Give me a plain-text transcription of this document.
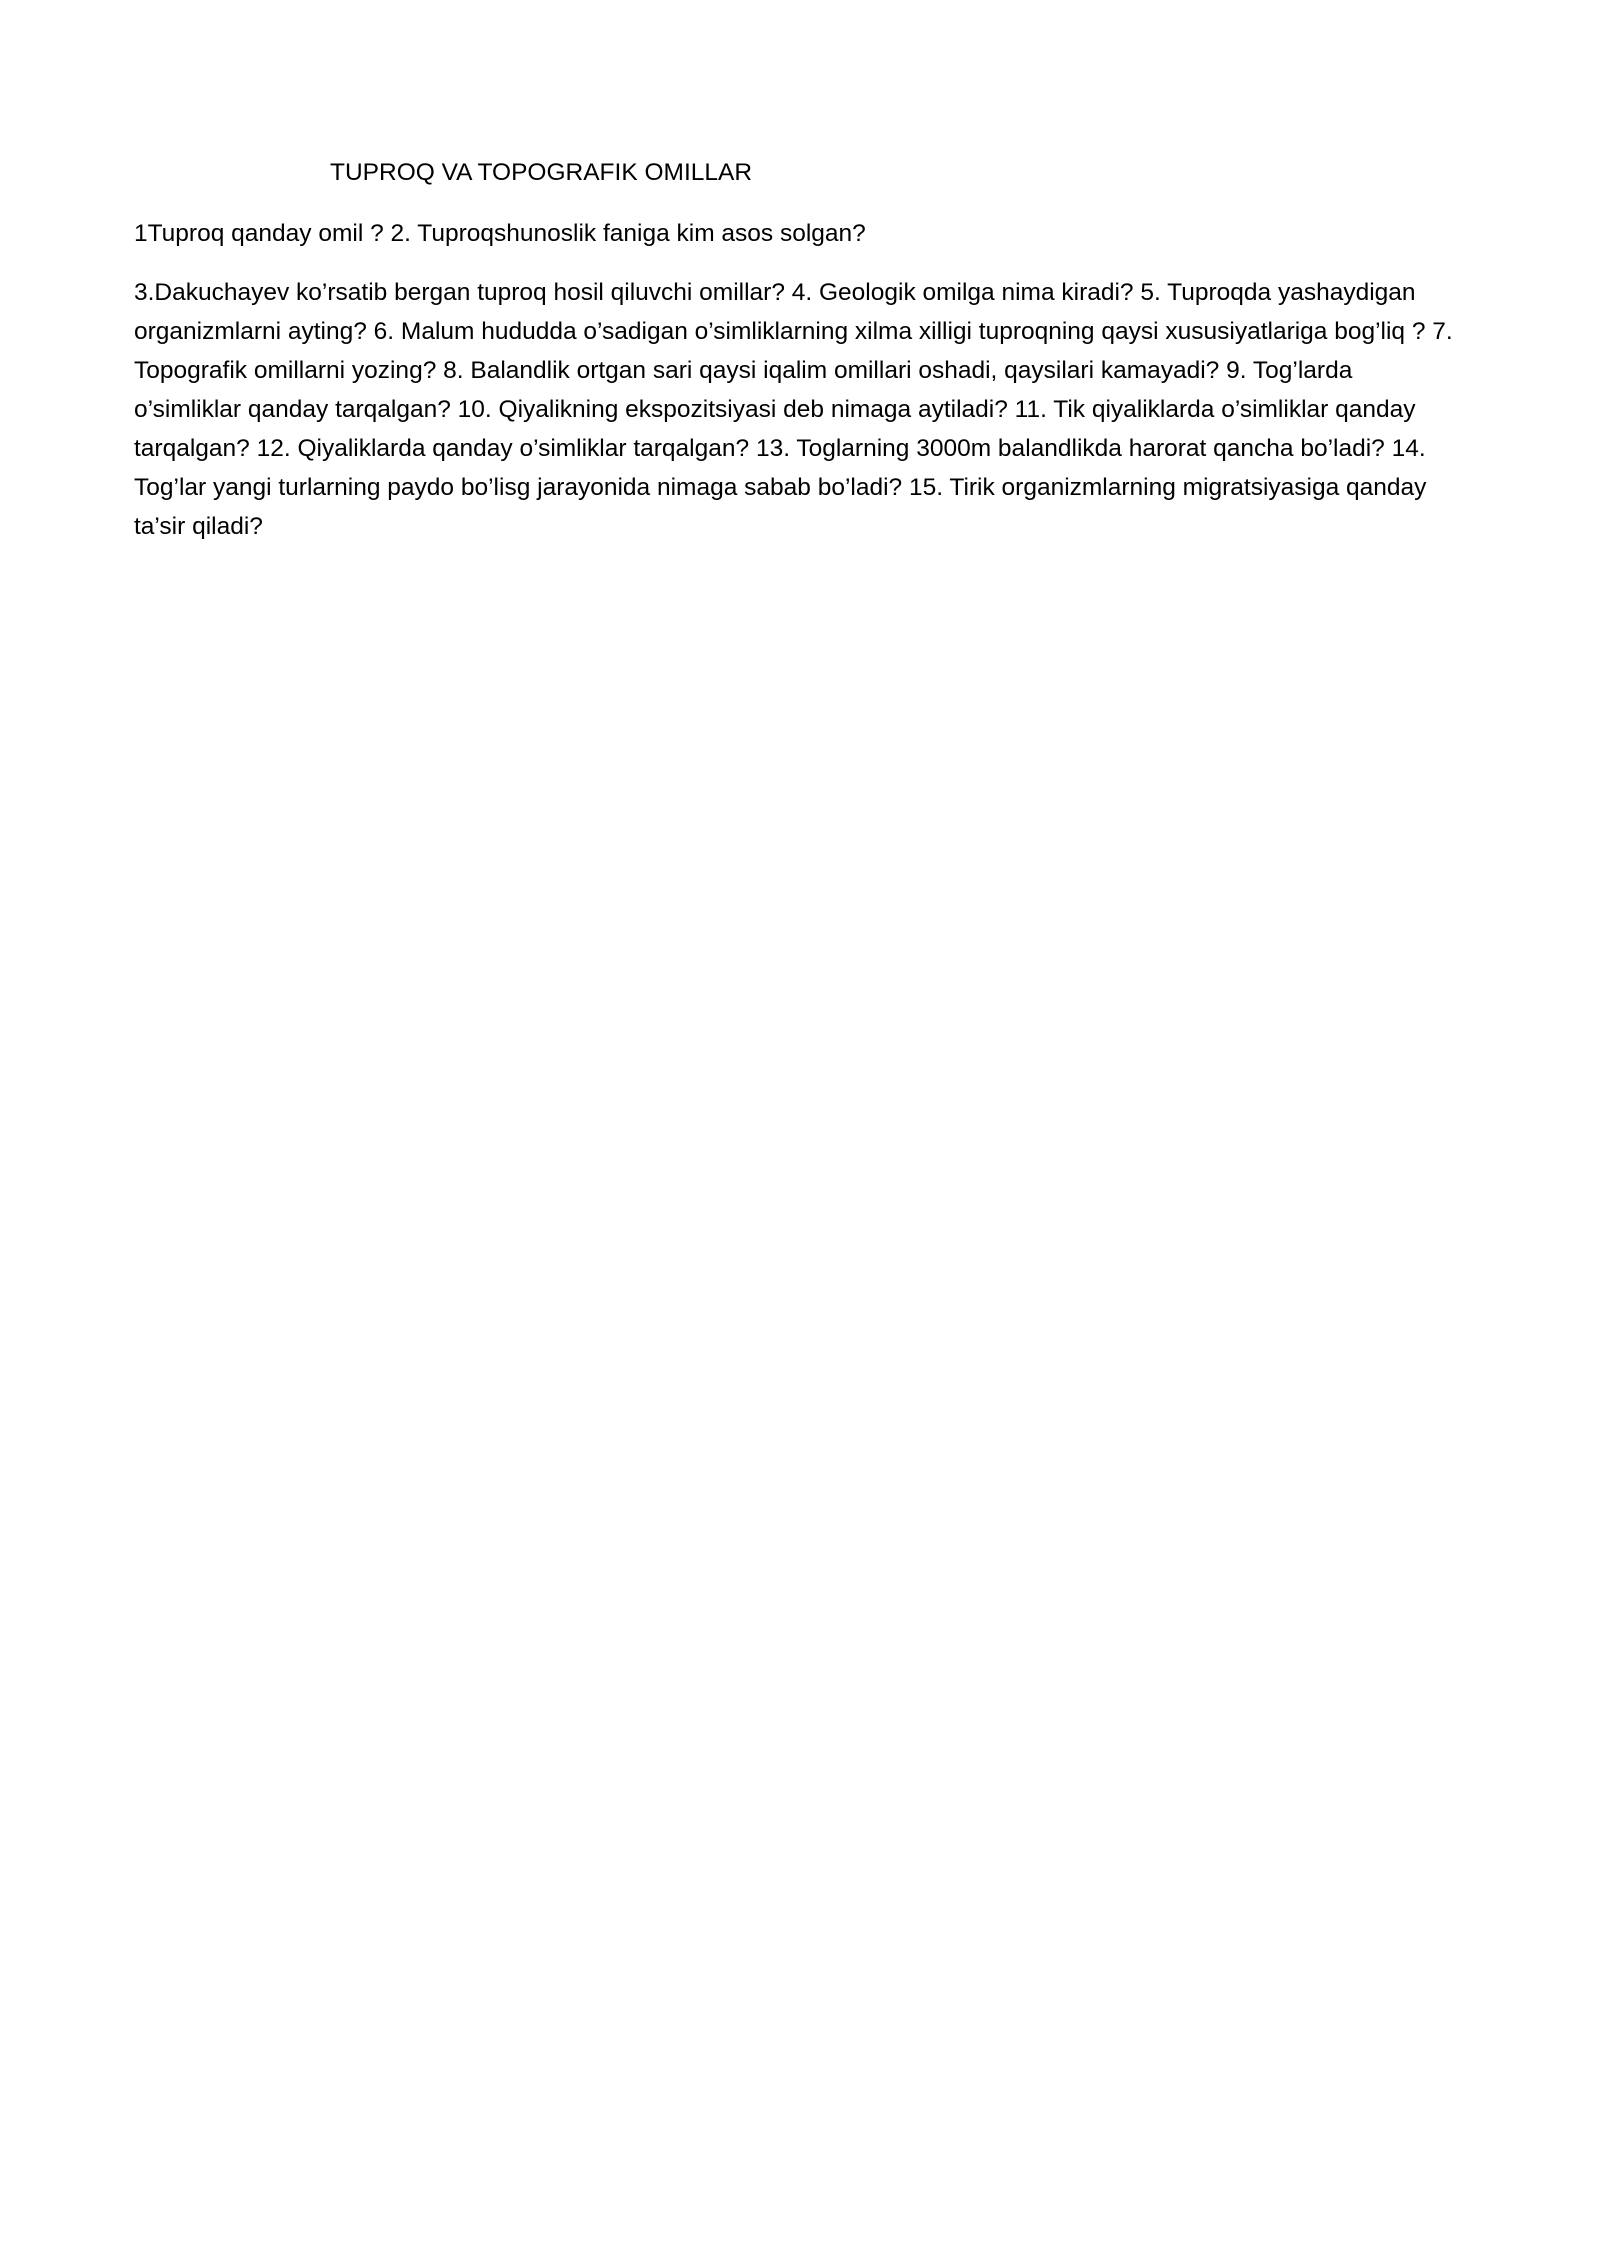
TUPROQ VA TOPOGRAFIK OMILLAR

1Tuproq qanday omil ? 2. Tuproqshunoslik faniga kim asos solgan?

3.Dakuchayev ko’rsatib bergan tuproq hosil qiluvchi omillar? 4. Geologik omilga nima kiradi? 5. Tuproqda yashaydigan organizmlarni ayting? 6. Malum hududda o’sadigan o’simliklarning xilma xilligi tuproqning qaysi xususiyatlariga bog’liq ? 7. Topografik omillarni yozing? 8. Balandlik ortgan sari qaysi iqalim omillari oshadi, qaysilari kamayadi? 9. Tog’larda o’simliklar qanday tarqalgan? 10. Qiyalikning ekspozitsiyasi deb nimaga aytiladi? 11. Tik qiyaliklarda o’simliklar qanday tarqalgan? 12. Qiyaliklarda qanday o’simliklar tarqalgan? 13. Toglarning 3000m balandlikda harorat qancha bo’ladi? 14. Tog’lar yangi turlarning paydo bo’lisg jarayonida nimaga sabab bo’ladi? 15. Tirik organizmlarning migratsiyasiga qanday ta’sir qiladi?
